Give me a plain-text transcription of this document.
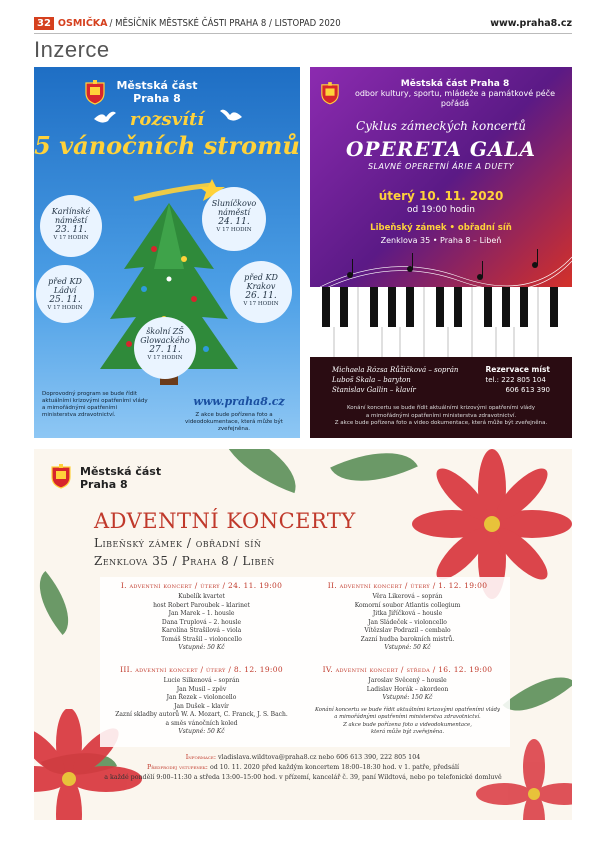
32 OSMIČKA / MĚSÍČNÍK MĚSTSKÉ ČÁSTI PRAHA 8 / LISTOPAD 2020	www.praha8.cz
Inzerce
Městská část
Praha 8
rozsvítí
5 vánočních stromů
Karlínské náměstí
23. 11.
V 17 HODIN
Sluníčkovo náměstí
24. 11.
V 17 HODIN
před KD Ládví
25. 11.
V 17 HODIN
před KD Krakov
26. 11.
V 17 HODIN
školní ZŠ Glowackého
27. 11.
V 17 HODIN
Doprovodný program se bude řídit aktuálními krizovými opatřeními vlády a mimořádnými opatřeními ministerstva zdravotnictví.
www.praha8.cz
Z akce bude pořízena foto a videodokumentace, která může být zveřejněna.
Městská část Praha 8
odbor kultury, sportu, mládeže a památkové péče
pořádá
Cyklus zámeckých koncertů
OPERETA GALA
SLAVNÉ OPERETNÍ ÁRIE A DUETY
úterý 10. 11. 2020
od 19:00 hodin
Libeňský zámek • obřadní síň
Zenklova 35 • Praha 8 – Libeň
Michaela Rózsa Růžičková – soprán
Luboš Skala – baryton
Stanislav Gallin – klavír
Rezervace míst
tel.: 222 805 104
606 613 390
Konání koncertu se bude řídit aktuálními krizovými opatřeními vlády
a mimořádnými opatřeními ministerstva zdravotnictví.
Z akce bude pořízena foto a video dokumentace, která může být zveřejněna.
Městská část
Praha 8
ADVENTNÍ KONCERTY
Libeňský zámek / obřadní síň
Zenklova 35 / Praha 8 / Libeň
I. adventní koncert / úterý / 24. 11. 19:00
Kubelík kvartet
host Robert Paroubek – klarinet
Jan Marek – 1. housle
Dana Truplová – 2. housle
Karolína Strašilová – viola
Tomáš Strašil – violoncello
Vstupné: 50 Kč
II. adventní koncert / úterý / 1. 12. 19:00
Věra Likerová – soprán
Komorní soubor Atlantis collegium
Jitka Jiříčková – housle
Jan Sládeček – violoncello
Vítězslav Podrazil – cembalo
Zazní hudba barokních mistrů.
Vstupné: 50 Kč
III. adventní koncert / úterý / 8. 12. 19:00
Lucie Silkenová – soprán
Jan Musil – zpěv
Jan Řezek – violoncello
Jan Dušek – klavír
Zazní skladby autorů W. A. Mozart, C. Franck, J. S. Bach.
a směs vánočních koled
Vstupné: 50 Kč
IV. adventní koncert / středa / 16. 12. 19:00
Jaroslav Svěcený – housle
Ladislav Horák – akordeon
Vstupné: 150 Kč
Konání koncertu se bude řídit aktuálními krizovými opatřeními vlády
a mimořádnými opatřeními ministerstva zdravotnictví.
Z akce bude pořízena foto a videodokumentace,
která může být zveřejněna.
Informace: vladislava.wildtova@praha8.cz nebo 606 613 390, 222 805 104
Předprodej vstupenek: od 10. 11. 2020 před každým koncertem 18:00–18:30 hod. v 1. patře, předsálí
a každé pondělí 9:00–11:30 a středa 13:00–15:00 hod. v přízemí, kancelář č. 39, paní Wildtová, nebo po telefonické domluvě
